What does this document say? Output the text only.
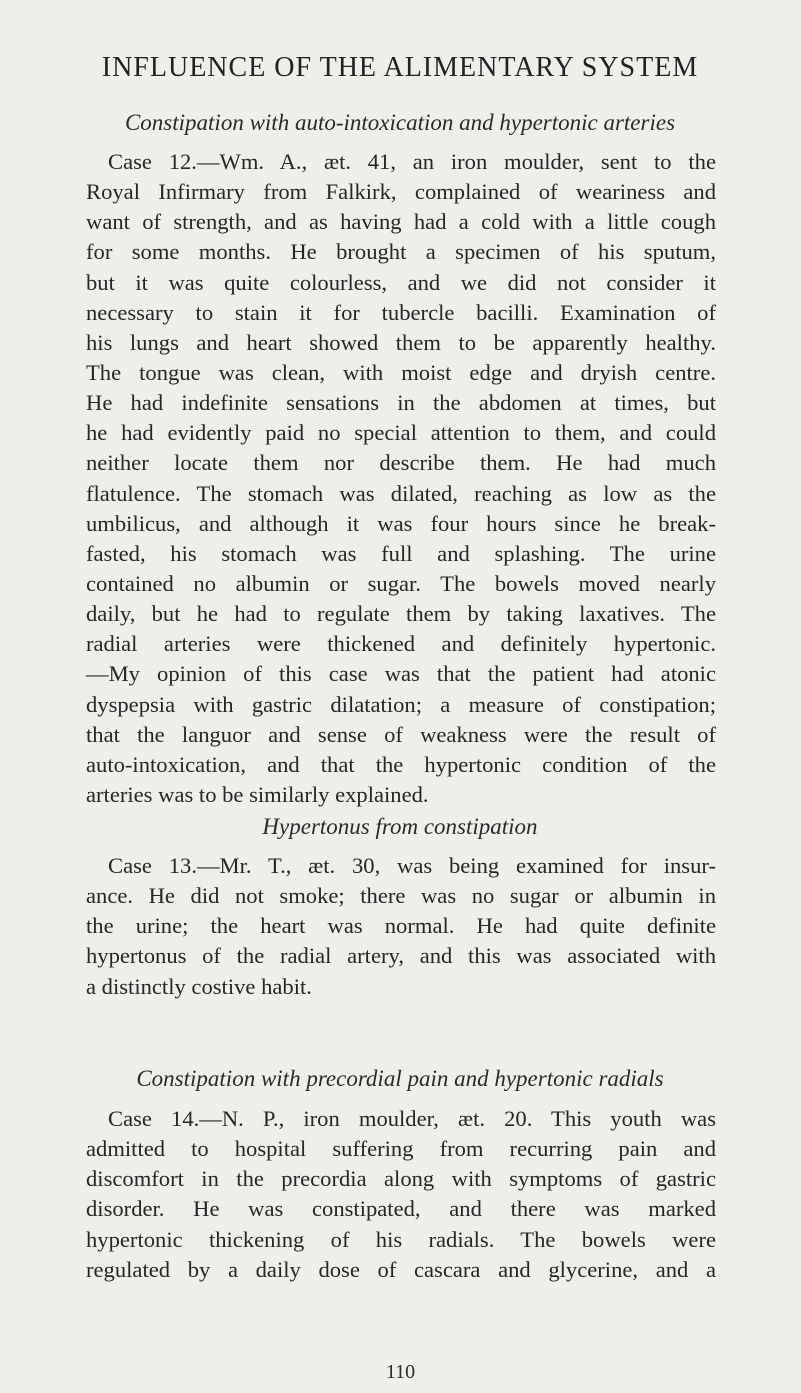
INFLUENCE OF THE ALIMENTARY SYSTEM
Constipation with auto-intoxication and hypertonic arteries
Case 12.—Wm. A., æt. 41, an iron moulder, sent to the
Royal Infirmary from Falkirk, complained of weariness and
want of strength, and as having had a cold with a little cough
for some months. He brought a specimen of his sputum,
but it was quite colourless, and we did not consider it
necessary to stain it for tubercle bacilli. Examination of
his lungs and heart showed them to be apparently healthy.
The tongue was clean, with moist edge and dryish centre.
He had indefinite sensations in the abdomen at times, but
he had evidently paid no special attention to them, and could
neither locate them nor describe them. He had much
flatulence. The stomach was dilated, reaching as low as the
umbilicus, and although it was four hours since he break-
fasted, his stomach was full and splashing. The urine
contained no albumin or sugar. The bowels moved nearly
daily, but he had to regulate them by taking laxatives. The
radial arteries were thickened and definitely hypertonic.
—My opinion of this case was that the patient had atonic
dyspepsia with gastric dilatation; a measure of constipation;
that the languor and sense of weakness were the result of
auto-intoxication, and that the hypertonic condition of the
arteries was to be similarly explained.
Hypertonus from constipation
Case 13.—Mr. T., æt. 30, was being examined for insur-
ance. He did not smoke; there was no sugar or albumin in
the urine; the heart was normal. He had quite definite
hypertonus of the radial artery, and this was associated with
a distinctly costive habit.
Constipation with precordial pain and hypertonic radials
Case 14.—N. P., iron moulder, æt. 20. This youth was
admitted to hospital suffering from recurring pain and
discomfort in the precordia along with symptoms of gastric
disorder. He was constipated, and there was marked
hypertonic thickening of his radials. The bowels were
regulated by a daily dose of cascara and glycerine, and a
110
